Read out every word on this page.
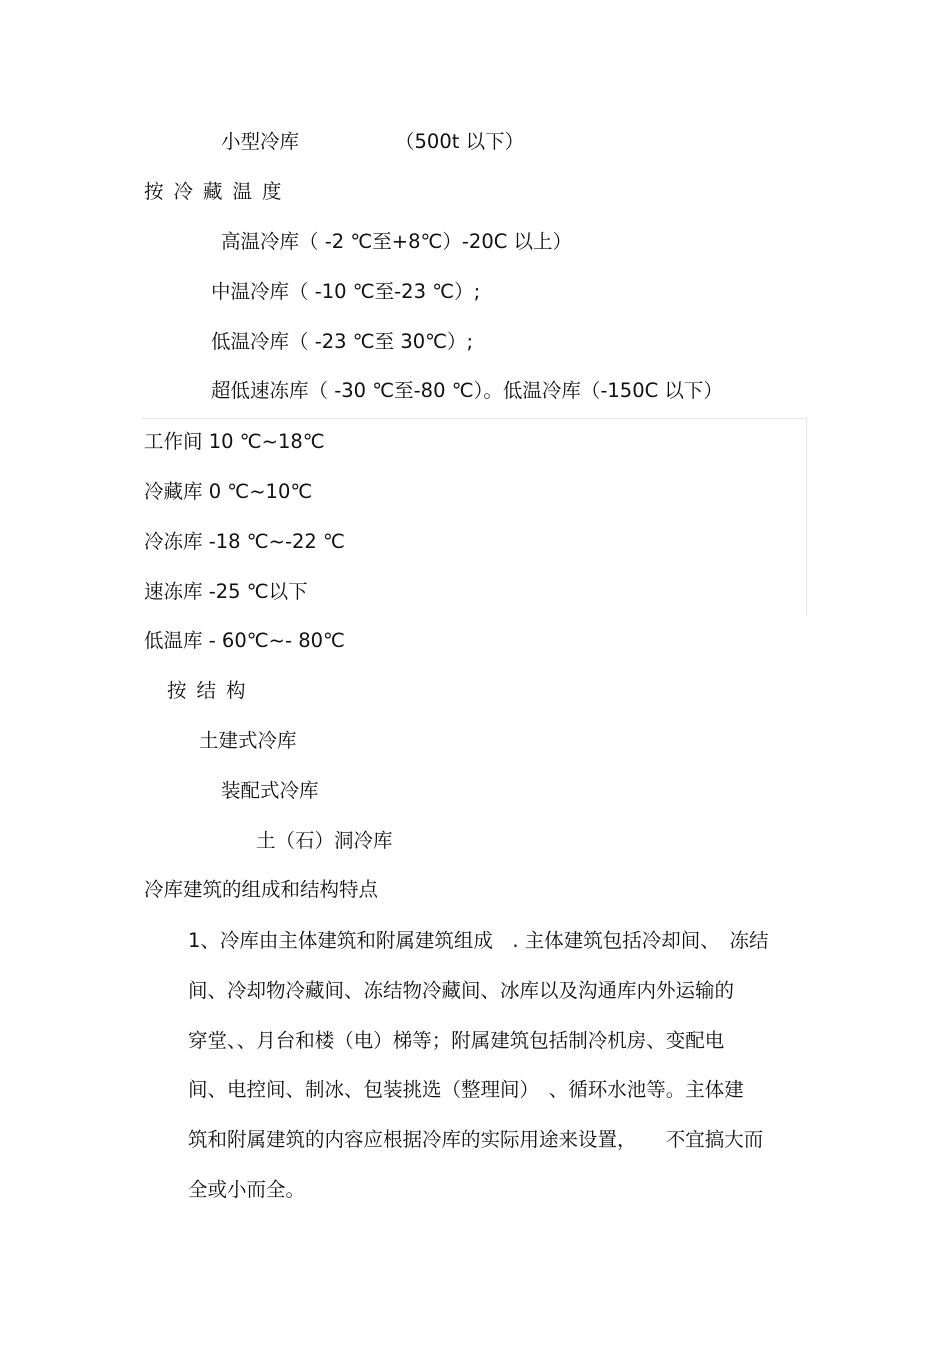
小型冷库	（500t 以下）
按冷藏温度
高温冷库（ -2 ℃至+8℃）-20C 以上）
中温冷库（ -10 ℃至-23 ℃）;
低温冷库（ -23 ℃至 30℃）;
超低速冻库（ -30 ℃至-80 ℃）。低温冷库（-150C 以下）
工作间 10 ℃~18℃
冷藏库 0 ℃~10℃
冷冻库 -18 ℃~-22 ℃
速冻库 -25 ℃以下
低温库 - 60℃~- 80℃
按结构
土建式冷库
装配式冷库
土（石）洞冷库
冷库建筑的组成和结构特点
1、冷库由主体建筑和附属建筑组成　. 主体建筑包括冷却间、　冻结
间、冷却物冷藏间、冻结物冷藏间、冰库以及沟通库内外运输的
穿堂、、月台和楼（电）梯等；附属建筑包括制冷机房、变配电
间、电控间、制冰、包装挑选（整理间）　、循环水池等。主体建
筑和附属建筑的内容应根据冷库的实际用途来设置，　　不宜搞大而
全或小而全。
